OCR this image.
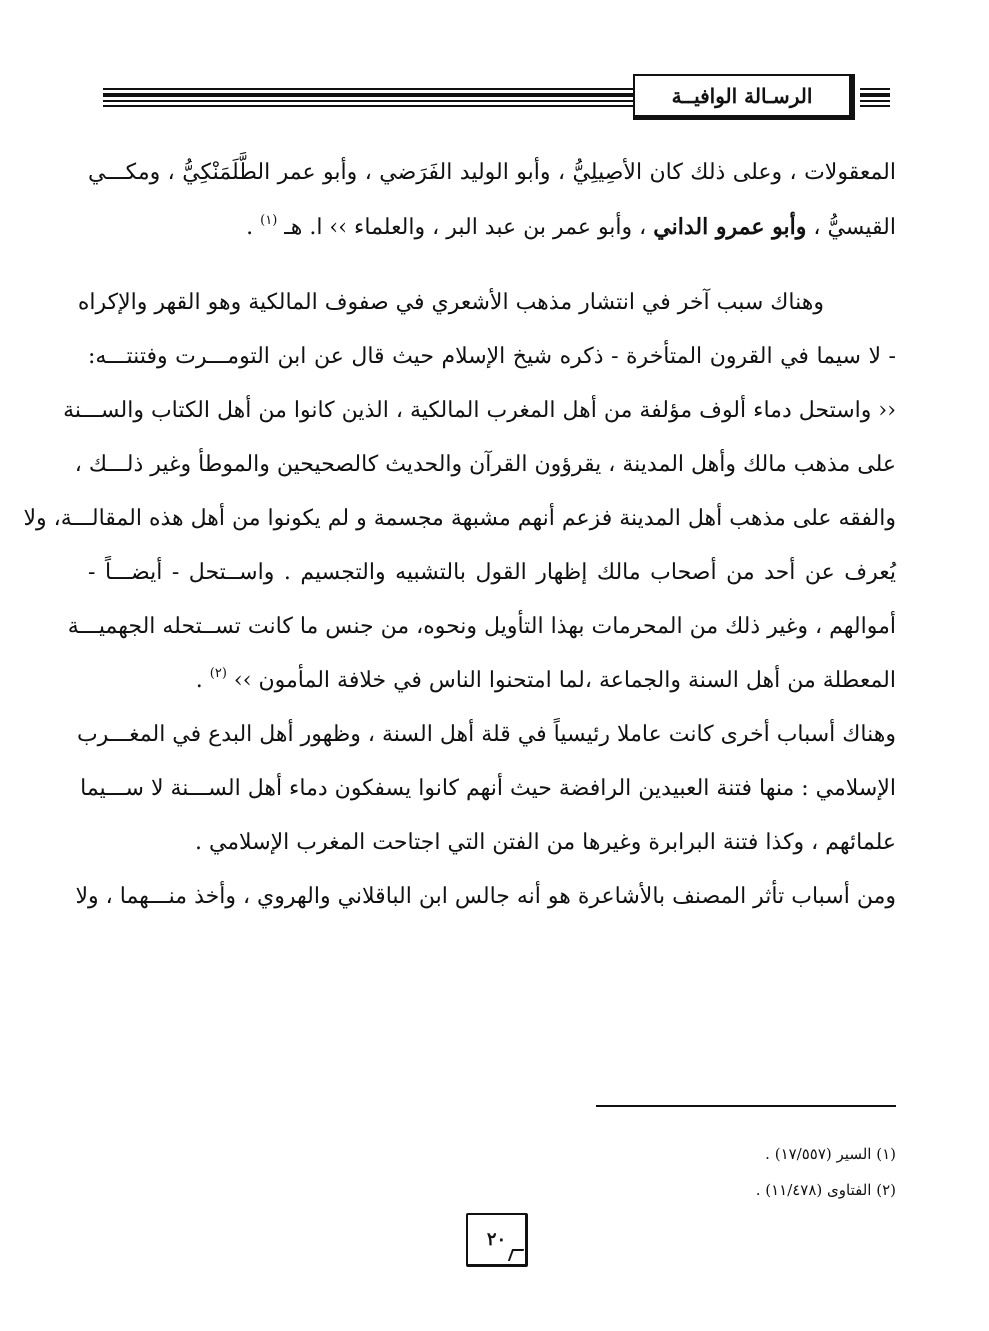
الرسـالة الوافيــة
المعقولات ، وعلى ذلك كان الأصِيلِيُّ ، وأبو الوليد الفَرَضي ، وأبو عمر الطَّلَمَنْكِيُّ ، ومكـــي
القيسيُّ ، وأبو عمرو الداني ، وأبو عمر بن عبد البر ، والعلماء ›› ا. هـ $^{(١)}$ .
وهناك سبب آخر في انتشار مذهب الأشعري في صفوف المالكية وهو القهر والإكراه
- لا سيما في القرون المتأخرة - ذكره شيخ الإسلام حيث قال عن ابن التومـــرت وفتنتـــه:
‹‹ واستحل دماء ألوف مؤلفة من أهل المغرب المالكية ، الذين كانوا من أهل الكتاب والســـنة
على مذهب مالك وأهل المدينة ، يقرؤون القرآن والحديث كالصحيحين والموطأ وغير ذلـــك ،
والفقه على مذهب أهل المدينة فزعم أنهم مشبهة مجسمة و لم يكونوا من أهل هذه المقالـــة، ولا
يُعرف عن أحد من أصحاب مالك إظهار القول بالتشبيه والتجسيم . واســتحل - أيضـــاً -
أموالهم ، وغير ذلك من المحرمات بهذا التأويل ونحوه، من جنس ما كانت تســتحله الجهميـــة
المعطلة من أهل السنة والجماعة ،لما امتحنوا الناس في خلافة المأمون ›› $^{(٢)}$ .
وهناك أسباب أخرى كانت عاملا رئيسياً في قلة أهل السنة ، وظهور أهل البدع في المغـــرب
الإسلامي : منها فتنة العبيدين الرافضة حيث أنهم كانوا يسفكون دماء أهل الســـنة لا ســـيما
علمائهم ، وكذا فتنة البرابرة وغيرها من الفتن التي اجتاحت المغرب الإسلامي .
ومن أسباب تأثر المصنف بالأشاعرة هو أنه جالس ابن الباقلاني والهروي ، وأخذ منـــهما ، ولا
(١) السير (١٧/٥٥٧) .
(٢) الفتاوى (١١/٤٧٨) .
٢٠
